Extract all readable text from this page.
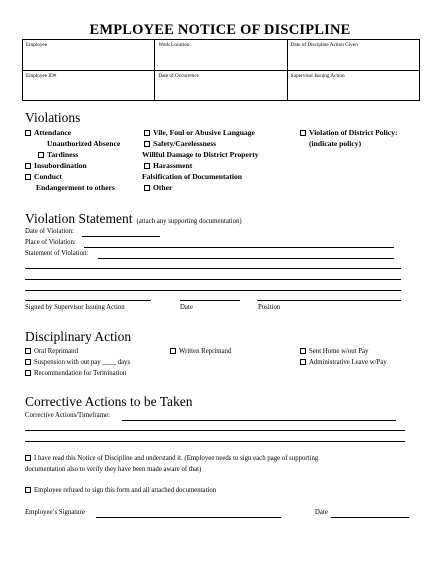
EMPLOYEE NOTICE OF DISCIPLINE
Employee	Work Location	Date of Discipline Action Given
Employee ID#	Date of Occurrence	Supervisor Issuing Action
Violations
Attendance
Unauthorized Absence
Tardiness
Insubordination
Conduct
Endangerment to others
Vile, Foul or Abusive Language
Safety/Carelessness
Willful Damage to District Property
Harassment
Falsification of Documentation
Other
Violation of District Policy:
(indicate policy)
Violation Statement (attach any supporting documentation)
Date of Violation:
Place of Violation:
Statement of Violation:
Signed by Supervisor Issuing Action	Date	Position
Disciplinary Action
Oral Reprimand
Suspension with out pay ____ days
Recommendation for Termination
Written Reprimand	Sent Home w/out Pay
Administrative Leave w/Pay
Corrective Actions to be Taken
Corrective Actions/Timeframe:
I have read this Notice of Discipline and understand it. (Employee needs to sign each page of supporting
documentation also to verify they have been made aware of that)
Employee refused to sign this form and all attached documentation
Employee’s Signature	Date
